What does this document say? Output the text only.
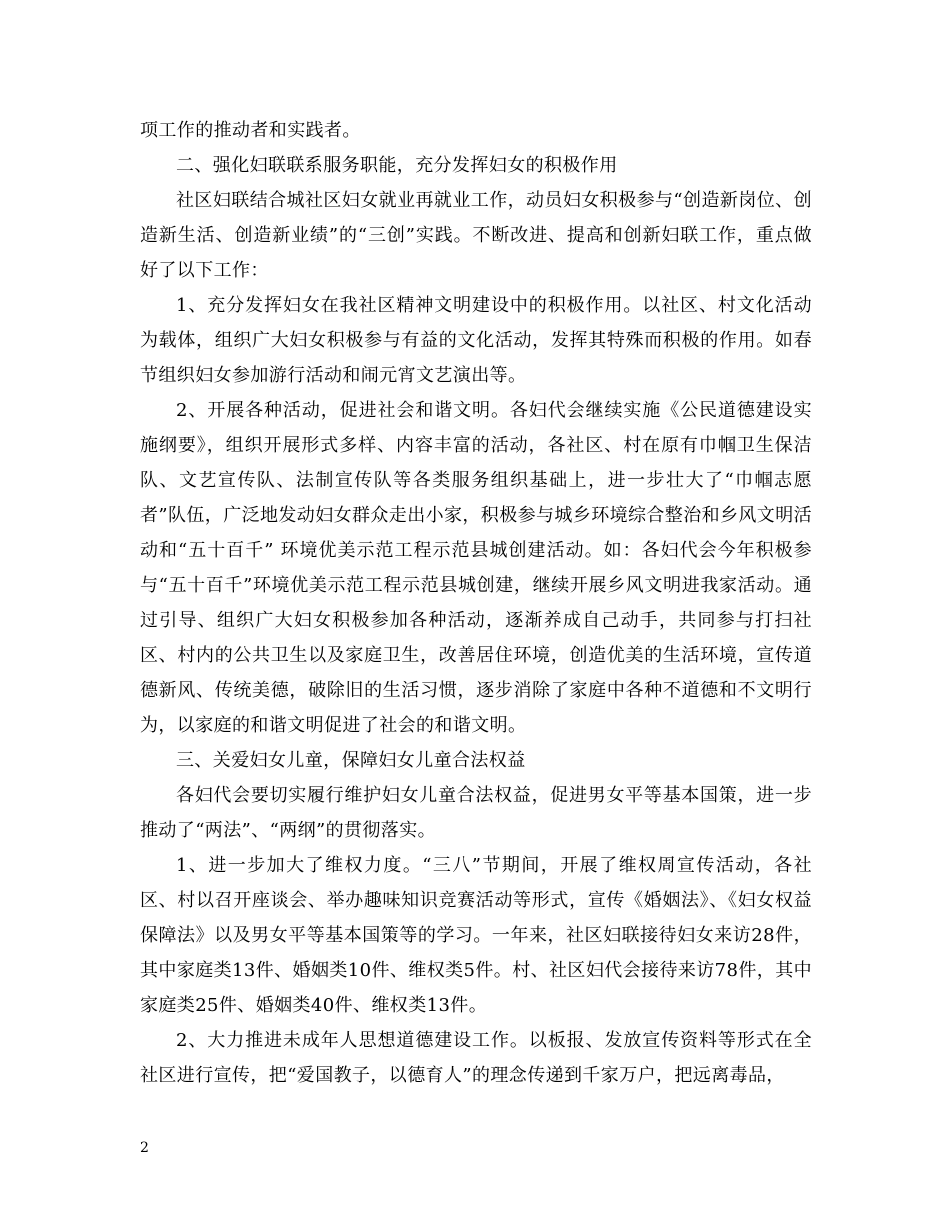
项工作的推动者和实践者。

二、强化妇联联系服务职能，充分发挥妇女的积极作用

社区妇联结合城社区妇女就业再就业工作，动员妇女积极参与“创造新岗位、创造新生活、创造新业绩”的“三创”实践。不断改进、提高和创新妇联工作，重点做好了以下工作：

1、充分发挥妇女在我社区精神文明建设中的积极作用。以社区、村文化活动为载体，组织广大妇女积极参与有益的文化活动，发挥其特殊而积极的作用。如春节组织妇女参加游行活动和闹元宵文艺演出等。

2、开展各种活动，促进社会和谐文明。各妇代会继续实施《公民道德建设实施纲要》，组织开展形式多样、内容丰富的活动，各社区、村在原有巾帼卫生保洁队、文艺宣传队、法制宣传队等各类服务组织基础上，进一步壮大了“巾帼志愿者”队伍，广泛地发动妇女群众走出小家，积极参与城乡环境综合整治和乡风文明活动和“五十百千” 环境优美示范工程示范县城创建活动。如：各妇代会今年积极参与“五十百千”环境优美示范工程示范县城创建，继续开展乡风文明进我家活动。通过引导、组织广大妇女积极参加各种活动，逐渐养成自己动手，共同参与打扫社区、村内的公共卫生以及家庭卫生，改善居住环境，创造优美的生活环境，宣传道德新风、传统美德，破除旧的生活习惯，逐步消除了家庭中各种不道德和不文明行为，以家庭的和谐文明促进了社会的和谐文明。

三、关爱妇女儿童，保障妇女儿童合法权益

各妇代会要切实履行维护妇女儿童合法权益，促进男女平等基本国策，进一步推动了“两法”、“两纲”的贯彻落实。

1、进一步加大了维权力度。“三八”节期间，开展了维权周宣传活动，各社区、村以召开座谈会、举办趣味知识竞赛活动等形式，宣传《婚姻法》、《妇女权益保障法》以及男女平等基本国策等的学习。一年来，社区妇联接待妇女来访28件，其中家庭类13件、婚姻类10件、维权类5件。村、社区妇代会接待来访78件，其中家庭类25件、婚姻类40件、维权类13件。

2、大力推进未成年人思想道德建设工作。以板报、发放宣传资料等形式在全社区进行宣传，把“爱国教子，以德育人”的理念传递到千家万户，把远离毒品，

2
